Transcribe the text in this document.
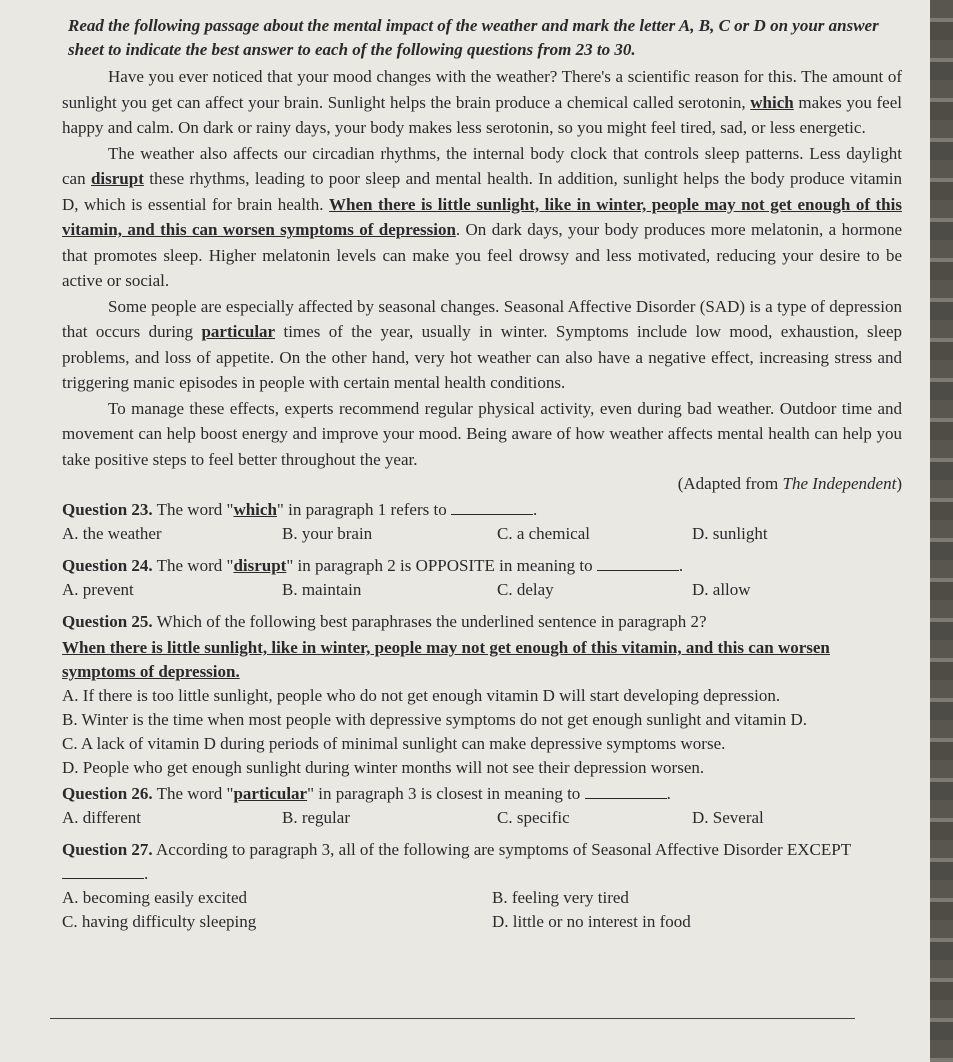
Read the following passage about the mental impact of the weather and mark the letter A, B, C or D on your answer sheet to indicate the best answer to each of the following questions from 23 to 30.

Have you ever noticed that your mood changes with the weather? There's a scientific reason for this. The amount of sunlight you get can affect your brain. Sunlight helps the brain produce a chemical called serotonin, which makes you feel happy and calm. On dark or rainy days, your body makes less serotonin, so you might feel tired, sad, or less energetic.

The weather also affects our circadian rhythms, the internal body clock that controls sleep patterns. Less daylight can disrupt these rhythms, leading to poor sleep and mental health. In addition, sunlight helps the body produce vitamin D, which is essential for brain health. When there is little sunlight, like in winter, people may not get enough of this vitamin, and this can worsen symptoms of depression. On dark days, your body produces more melatonin, a hormone that promotes sleep. Higher melatonin levels can make you feel drowsy and less motivated, reducing your desire to be active or social.

Some people are especially affected by seasonal changes. Seasonal Affective Disorder (SAD) is a type of depression that occurs during particular times of the year, usually in winter. Symptoms include low mood, exhaustion, sleep problems, and loss of appetite. On the other hand, very hot weather can also have a negative effect, increasing stress and triggering manic episodes in people with certain mental health conditions.

To manage these effects, experts recommend regular physical activity, even during bad weather. Outdoor time and movement can help boost energy and improve your mood. Being aware of how weather affects mental health can help you take positive steps to feel better throughout the year.

(Adapted from The Independent)

Question 23. The word "which" in paragraph 1 refers to	.

A. the weather	B. your brain	C. a chemical	D. sunlight

Question 24. The word "disrupt" in paragraph 2 is OPPOSITE in meaning to	.

A. prevent	B. maintain	C. delay	D. allow

Question 25. Which of the following best paraphrases the underlined sentence in paragraph 2?

When there is little sunlight, like in winter, people may not get enough of this vitamin, and this can worsen symptoms of depression.

A. If there is too little sunlight, people who do not get enough vitamin D will start developing depression.
B. Winter is the time when most people with depressive symptoms do not get enough sunlight and vitamin D.
C. A lack of vitamin D during periods of minimal sunlight can make depressive symptoms worse.
D. People who get enough sunlight during winter months will not see their depression worsen.

Question 26. The word "particular" in paragraph 3 is closest in meaning to	.

A. different	B. regular	C. specific	D. Several

Question 27. According to paragraph 3, all of the following are symptoms of Seasonal Affective Disorder EXCEPT.

A. becoming easily excited	B. feeling very tired
C. having difficulty sleeping	D. little or no interest in food
